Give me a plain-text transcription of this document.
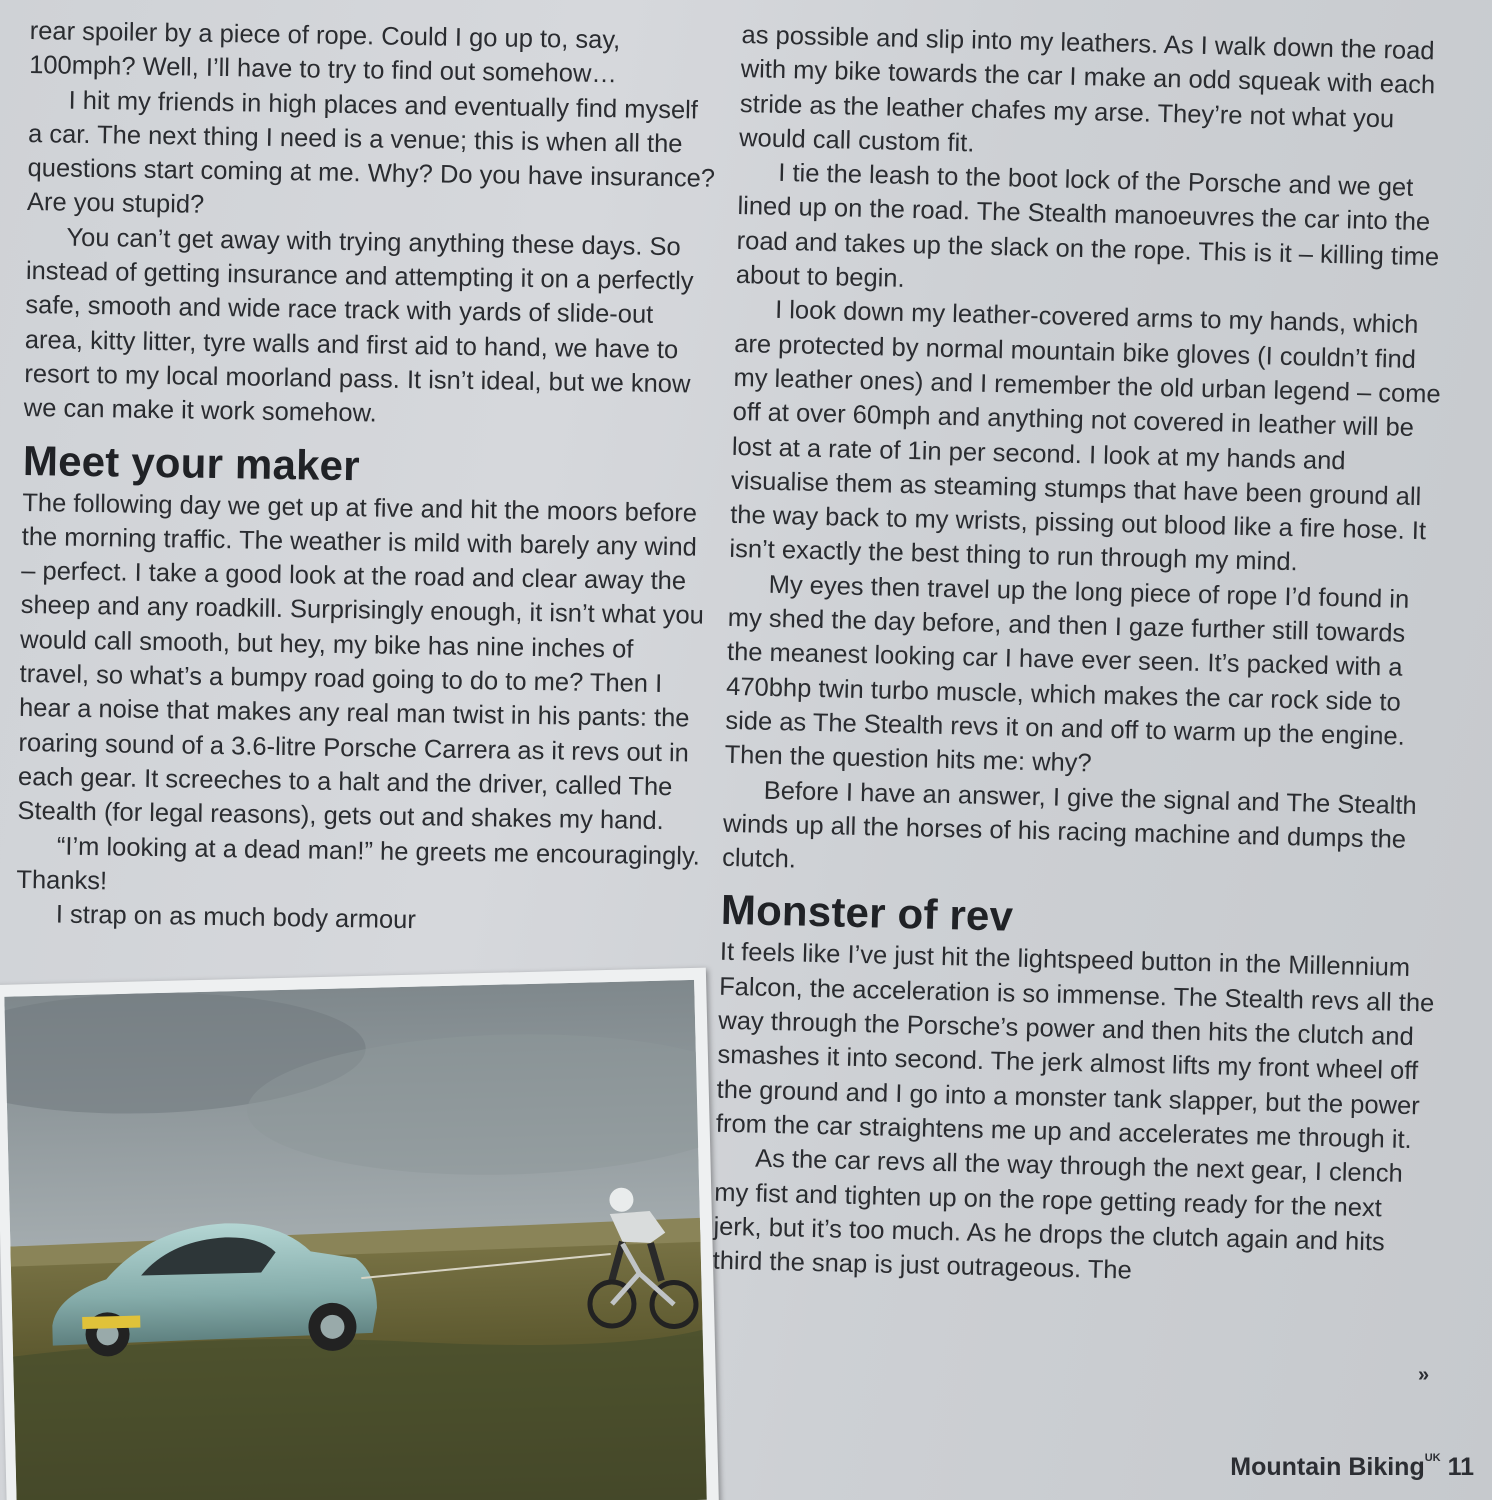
rear spoiler by a piece of rope. Could I go up to, say, 100mph? Well, I’ll have to try to find out somehow…

I hit my friends in high places and eventually find myself a car. The next thing I need is a venue; this is when all the questions start coming at me. Why? Do you have insurance? Are you stupid?

You can’t get away with trying anything these days. So instead of getting insurance and attempting it on a perfectly safe, smooth and wide race track with yards of slide-out area, kitty litter, tyre walls and first aid to hand, we have to resort to my local moorland pass. It isn’t ideal, but we know we can make it work somehow.

Meet your maker

The following day we get up at five and hit the moors before the morning traffic. The weather is mild with barely any wind – perfect. I take a good look at the road and clear away the sheep and any roadkill. Surprisingly enough, it isn’t what you would call smooth, but hey, my bike has nine inches of travel, so what’s a bumpy road going to do to me? Then I hear a noise that makes any real man twist in his pants: the roaring sound of a 3.6-litre Porsche Carrera as it revs out in each gear. It screeches to a halt and the driver, called The Stealth (for legal reasons), gets out and shakes my hand.

“I’m looking at a dead man!” he greets me encouragingly. Thanks!

I strap on as much body armour

as possible and slip into my leathers. As I walk down the road with my bike towards the car I make an odd squeak with each stride as the leather chafes my arse. They’re not what you would call custom fit.

I tie the leash to the boot lock of the Porsche and we get lined up on the road. The Stealth manoeuvres the car into the road and takes up the slack on the rope. This is it – killing time about to begin.

I look down my leather-covered arms to my hands, which are protected by normal mountain bike gloves (I couldn’t find my leather ones) and I remember the old urban legend – come off at over 60mph and anything not covered in leather will be lost at a rate of 1in per second. I look at my hands and visualise them as steaming stumps that have been ground all the way back to my wrists, pissing out blood like a fire hose. It isn’t exactly the best thing to run through my mind.

My eyes then travel up the long piece of rope I’d found in my shed the day before, and then I gaze further still towards the meanest looking car I have ever seen. It’s packed with a 470bhp twin turbo muscle, which makes the car rock side to side as The Stealth revs it on and off to warm up the engine. Then the question hits me: why?

Before I have an answer, I give the signal and The Stealth winds up all the horses of his racing machine and dumps the clutch.

Monster of rev

It feels like I’ve just hit the lightspeed button in the Millennium Falcon, the acceleration is so immense. The Stealth revs all the way through the Porsche’s power and then hits the clutch and smashes it into second. The jerk almost lifts my front wheel off the ground and I go into a monster tank slapper, but the power from the car straightens me up and accelerates me through it.

As the car revs all the way through the next gear, I clench my fist and tighten up on the rope getting ready for the next jerk, but it’s too much. As he drops the clutch again and hits third the snap is just outrageous. The

»
Mountain Biking$^{UK}$ 11
